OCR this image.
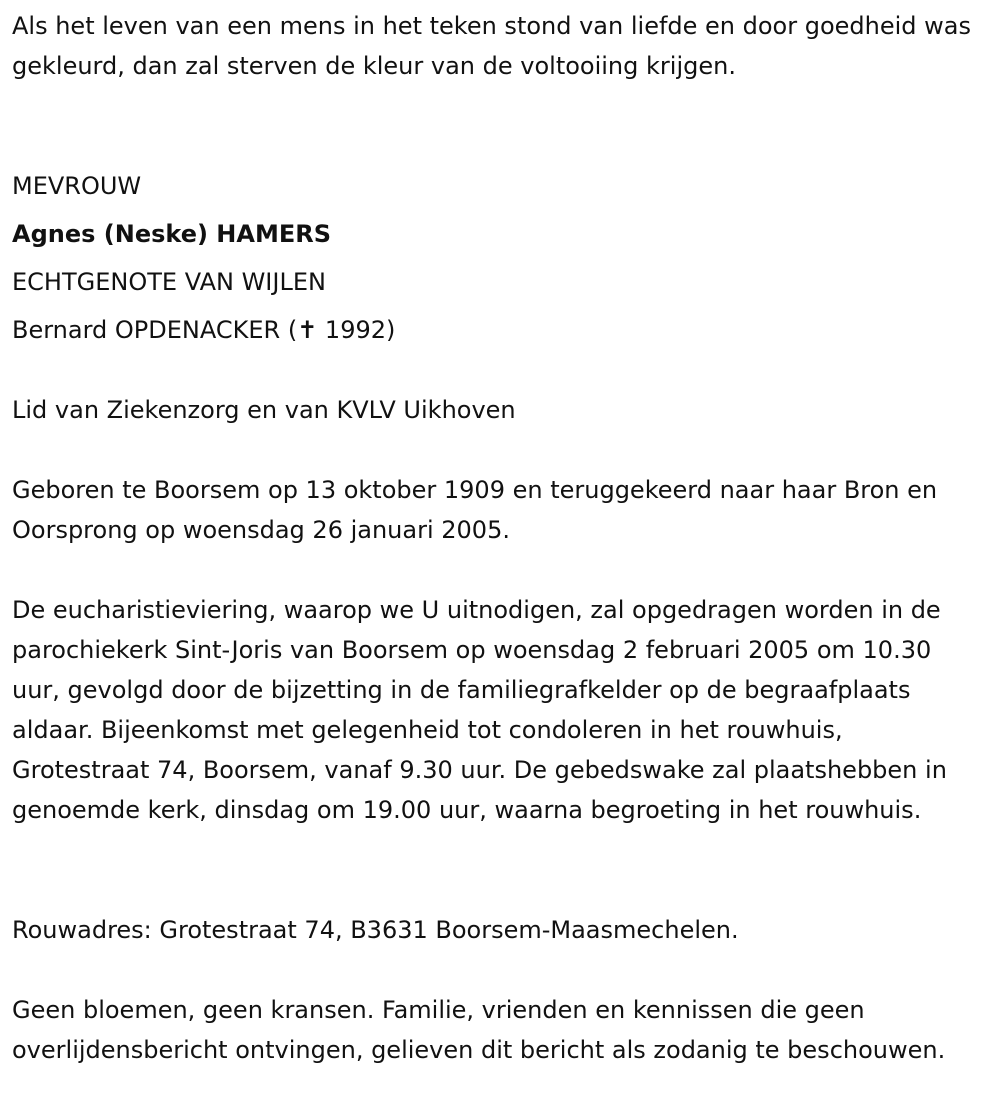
Als het leven van een mens in het teken stond van liefde en door goedheid was gekleurd, dan zal sterven de kleur van de voltooiing krijgen.

MEVROUW

Agnes (Neske) HAMERS

ECHTGENOTE VAN WIJLEN

Bernard OPDENACKER (✝ 1992)

Lid van Ziekenzorg en van KVLV Uikhoven

Geboren te Boorsem op 13 oktober 1909 en teruggekeerd naar haar Bron en Oorsprong op woensdag 26 januari 2005.

De eucharistieviering, waarop we U uitnodigen, zal opgedragen worden in de parochiekerk Sint-Joris van Boorsem op woensdag 2 februari 2005 om 10.30 uur, gevolgd door de bijzetting in de familiegrafkelder op de begraafplaats aldaar. Bijeenkomst met gelegenheid tot condoleren in het rouwhuis, Grotestraat 74, Boorsem, vanaf 9.30 uur. De gebedswake zal plaatshebben in genoemde kerk, dinsdag om 19.00 uur, waarna begroeting in het rouwhuis.

Rouwadres: Grotestraat 74, B3631 Boorsem-Maasmechelen.

Geen bloemen, geen kransen. Familie, vrienden en kennissen die geen overlijdensbericht ontvingen, gelieven dit bericht als zodanig te beschouwen.
